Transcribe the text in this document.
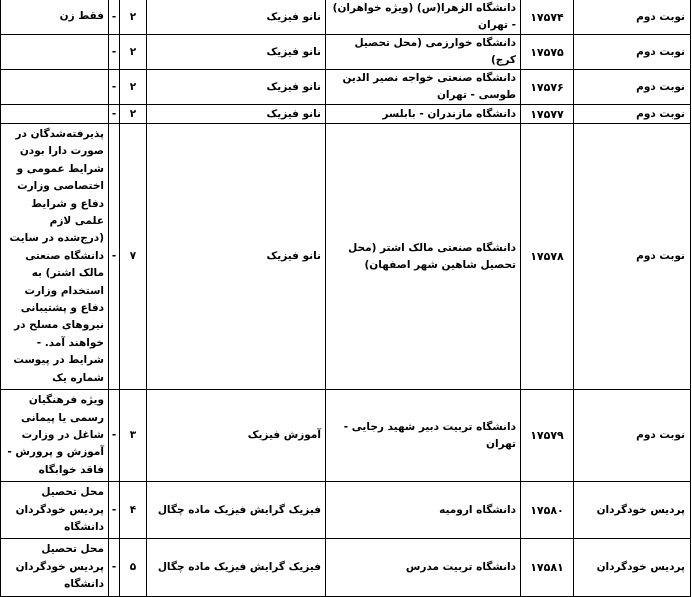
نوبت دوم	۱۷۵۷۴	دانشگاه الزهرا(س) (ویژه خواهران) - تهران	نانو فیزیک	۲	-	فقط زن
نوبت دوم	۱۷۵۷۵	دانشگاه خوارزمی (محل تحصیل کرج)	نانو فیزیک	۲	-	
نوبت دوم	۱۷۵۷۶	دانشگاه صنعتی خواجه نصیر الدین طوسی - تهران	نانو فیزیک	۲	-	
نوبت دوم	۱۷۵۷۷	دانشگاه مازندران - بابلسر	نانو فیزیک	۲	-	
نوبت دوم	۱۷۵۷۸	دانشگاه صنعتی مالک اشتر (محل تحصیل شاهین شهر اصفهان)	نانو فیزیک	۷	-	پذیرفته‌شدگان در صورت دارا بودن شرایط عمومی و اختصاصی وزارت دفاع و شرایط علمی لازم (درج‌شده در سایت دانشگاه صنعتی مالک اشتر) به استخدام وزارت دفاع و پشتیبانی نیروهای مسلح در خواهند آمد. - شرایط در پیوست شماره یک
نوبت دوم	۱۷۵۷۹	دانشگاه تربیت دبیر شهید رجایی - تهران	آموزش فیزیک	۳	-	ویژه فرهنگیان رسمی یا پیمانی شاغل در وزارت آموزش و پرورش - فاقد خوابگاه
پردیس خودگردان	۱۷۵۸۰	دانشگاه ارومیه	فیزیک گرایش فیزیک ماده چگال	۴	-	محل تحصیل پردیس خودگردان دانشگاه
پردیس خودگردان	۱۷۵۸۱	دانشگاه تربیت مدرس	فیزیک گرایش فیزیک ماده چگال	۵	-	محل تحصیل پردیس خودگردان دانشگاه
